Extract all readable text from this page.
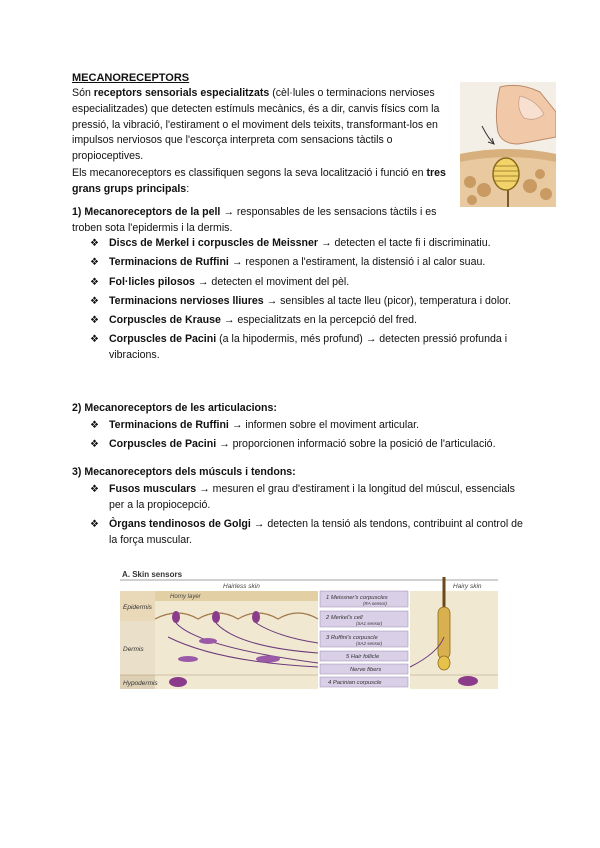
MECANORECEPTORS
Són receptors sensorials especialitzats (cèl·lules o terminacions nervioses especialitzades) que detecten estímuls mecànics, és a dir, canvis físics com la pressió, la vibració, l'estirament o el moviment dels teixits, transformant-los en impulsos nerviosos que l'escorça interpreta com sensacions tàctils o propioceptives.
Els mecanoreceptors es classifiquen segons la seva localització i funció en tres grans grups principals:
1) Mecanoreceptors de la pell → responsables de les sensacions tàctils i es troben sota l'epidermis i la dermis.
❖ Discs de Merkel i corpuscles de Meissner → detecten el tacte fi i discriminatiu.
❖ Terminacions de Ruffini → responen a l'estirament, la distensió i al calor suau.
❖ Fol·licles pilosos → detecten el moviment del pèl.
❖ Terminacions nervioses lliures → sensibles al tacte lleu (picor), temperatura i dolor.
❖ Corpuscles de Krause → especialitzats en la percepció del fred.
❖ Corpuscles de Pacini (a la hipodermis, més profund) → detecten pressió profunda i vibracions.
2) Mecanoreceptors de les articulacions:
❖ Terminacions de Ruffini → informen sobre el moviment articular.
❖ Corpuscles de Pacini → proporcionen informació sobre la posició de l'articulació.
3) Mecanoreceptors dels músculs i tendons:
❖ Fusos musculars → mesuren el grau d'estirament i la longitud del múscul, essencials per a la propiocepció.
❖ Òrgans tendinosos de Golgi → detecten la tensió als tendons, contribuint al control de la força muscular.
A. Skin sensors
Hairless skin	Hairy skin
Epidermis
Dermis
Hypodermis
Horny layer	1 Meissner's corpuscles
(RA sensor)
2 Merkel's cell
(SA1 sensor)
3 Ruffini's corpuscle
(SA2 sensor)
5 Hair follicle
Nerve fibers
4 Pacinian corpuscle
